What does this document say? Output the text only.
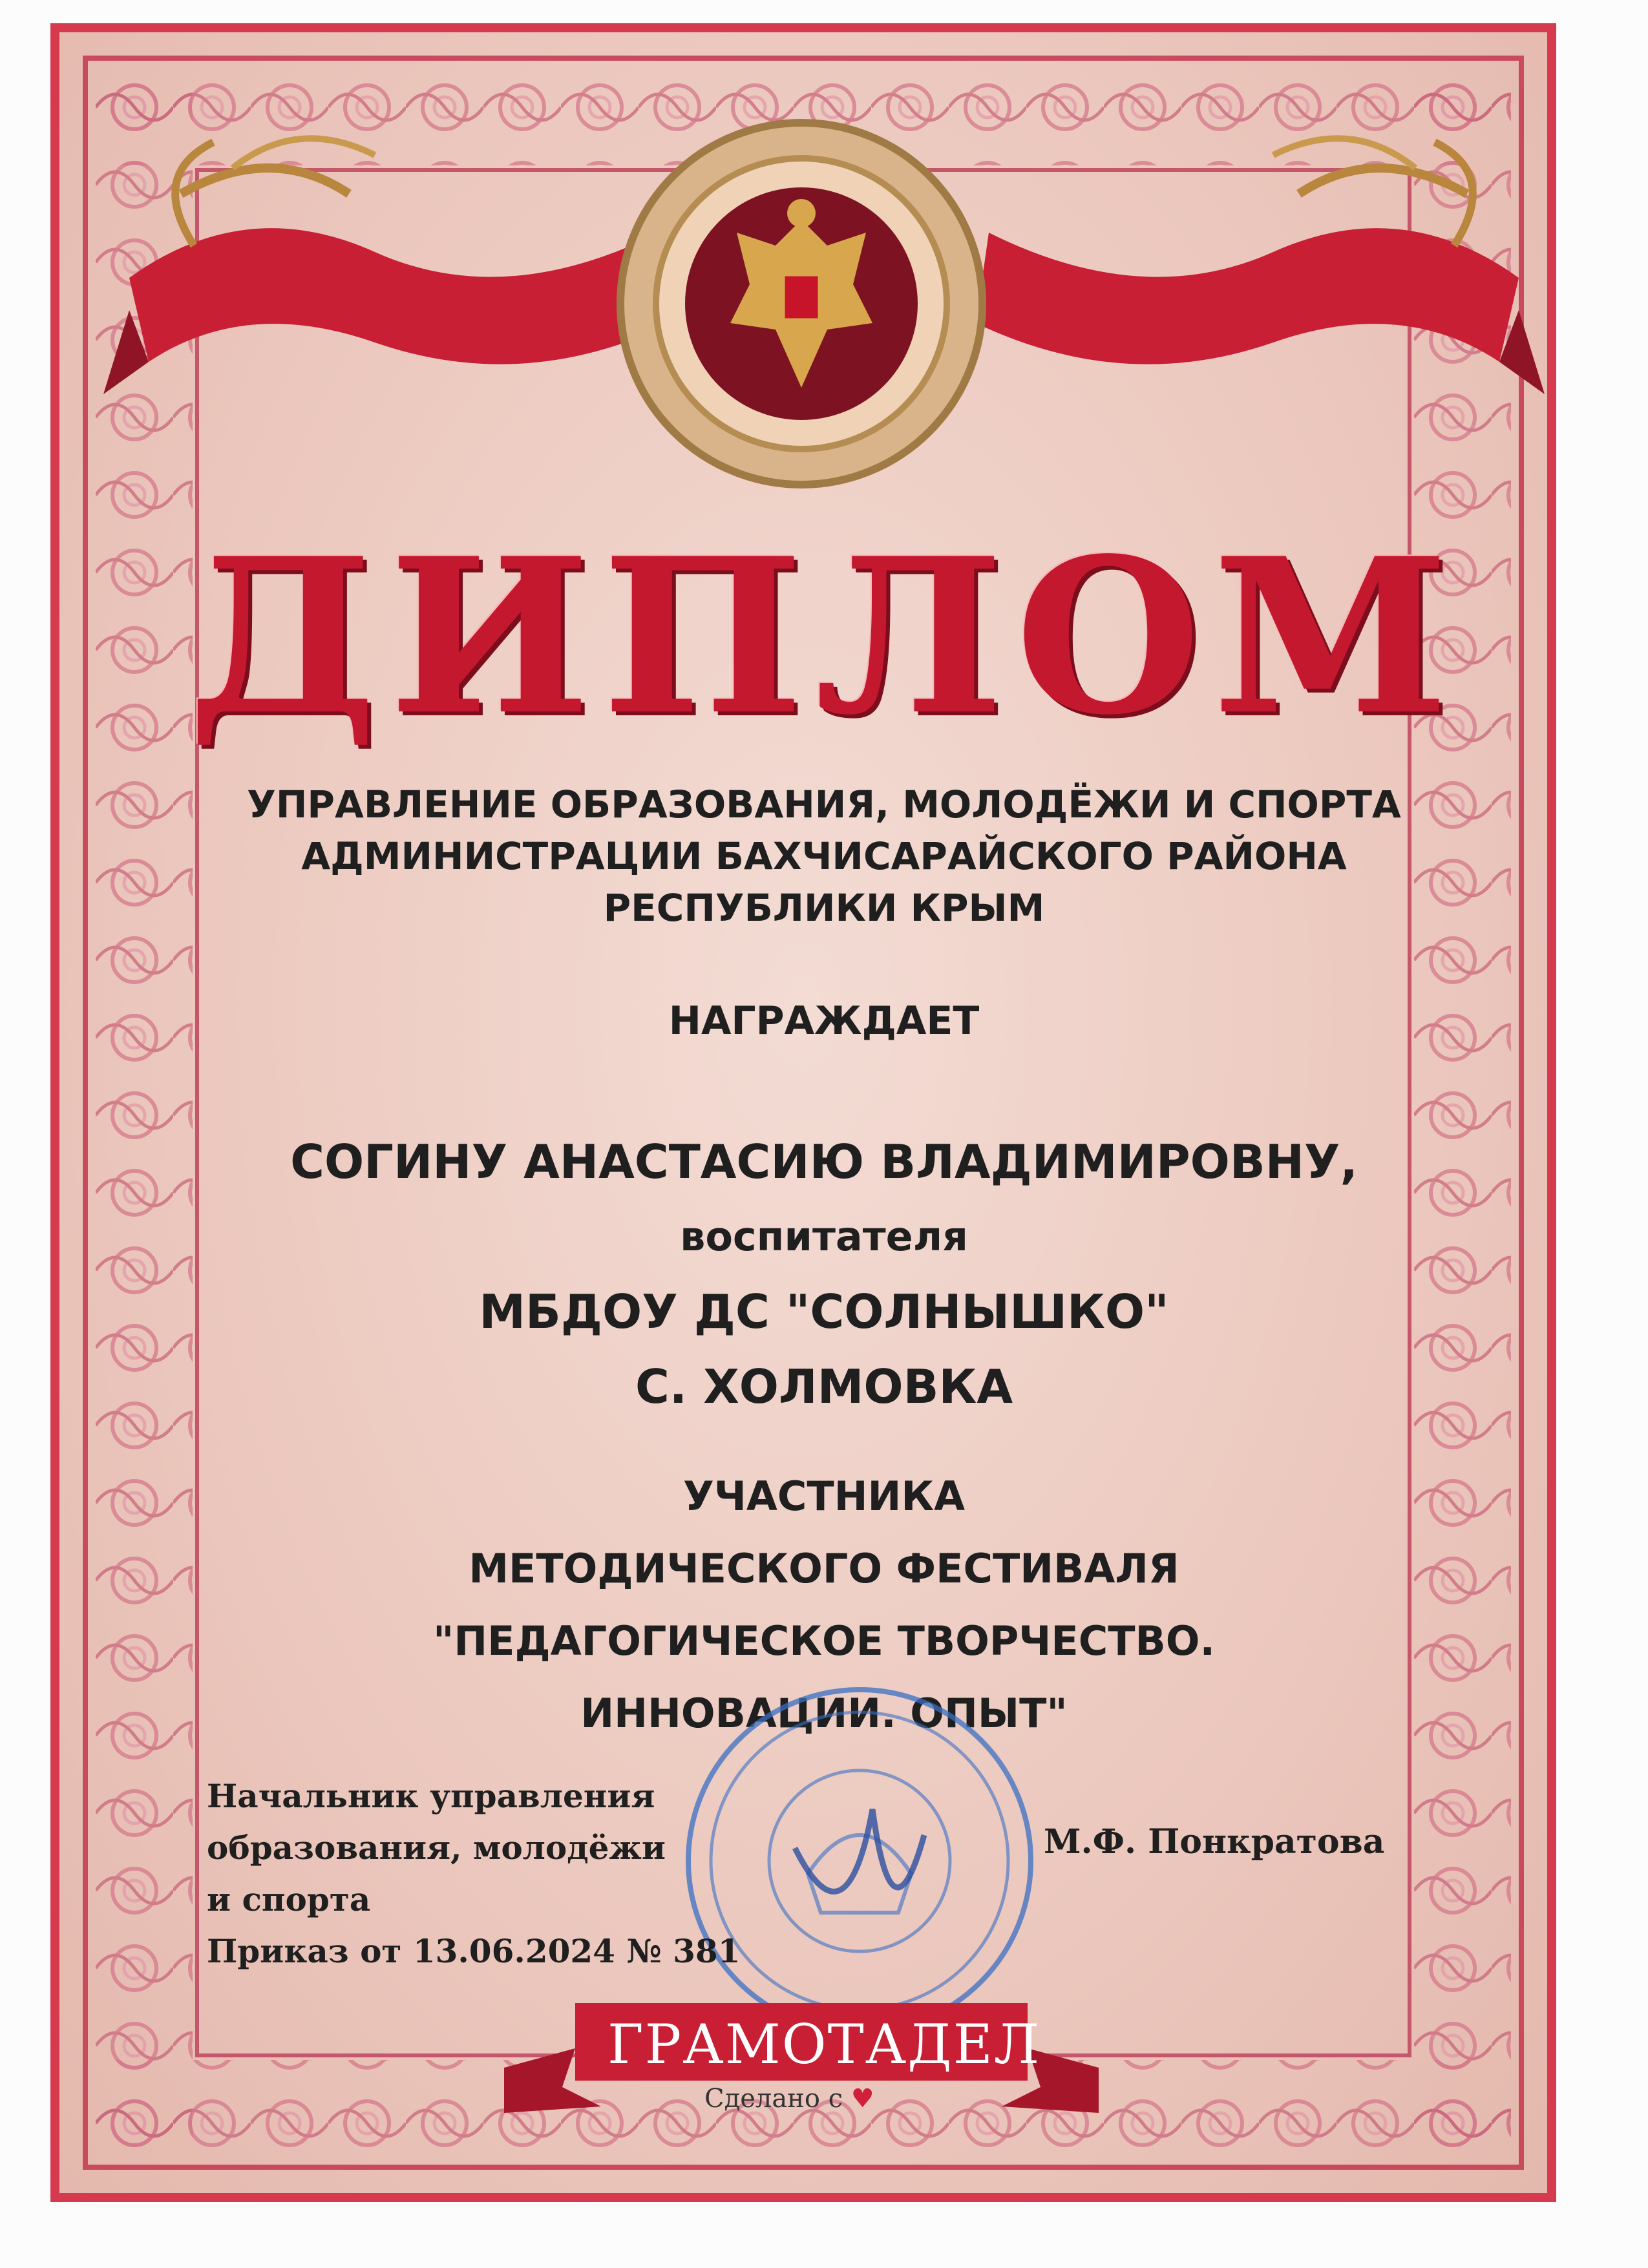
ДИПЛОМ
УПРАВЛЕНИЕ ОБРАЗОВАНИЯ, МОЛОДЁЖИ И СПОРТА
АДМИНИСТРАЦИИ БАХЧИСАРАЙСКОГО РАЙОНА
РЕСПУБЛИКИ КРЫМ
НАГРАЖДАЕТ
СОГИНУ АНАСТАСИЮ ВЛАДИМИРОВНУ,
воспитателя
МБДОУ ДС "СОЛНЫШКО"
С. ХОЛМОВКА
УЧАСТНИКА
МЕТОДИЧЕСКОГО ФЕСТИВАЛЯ
"ПЕДАГОГИЧЕСКОЕ ТВОРЧЕСТВО.
ИННОВАЦИИ. ОПЫТ"
Начальник управления
образования, молодёжи
и спорта
Приказ от 13.06.2024 № 381
М.Ф. Понкратова
ГРАМОТАДЕЛ
Сделано с ♥
